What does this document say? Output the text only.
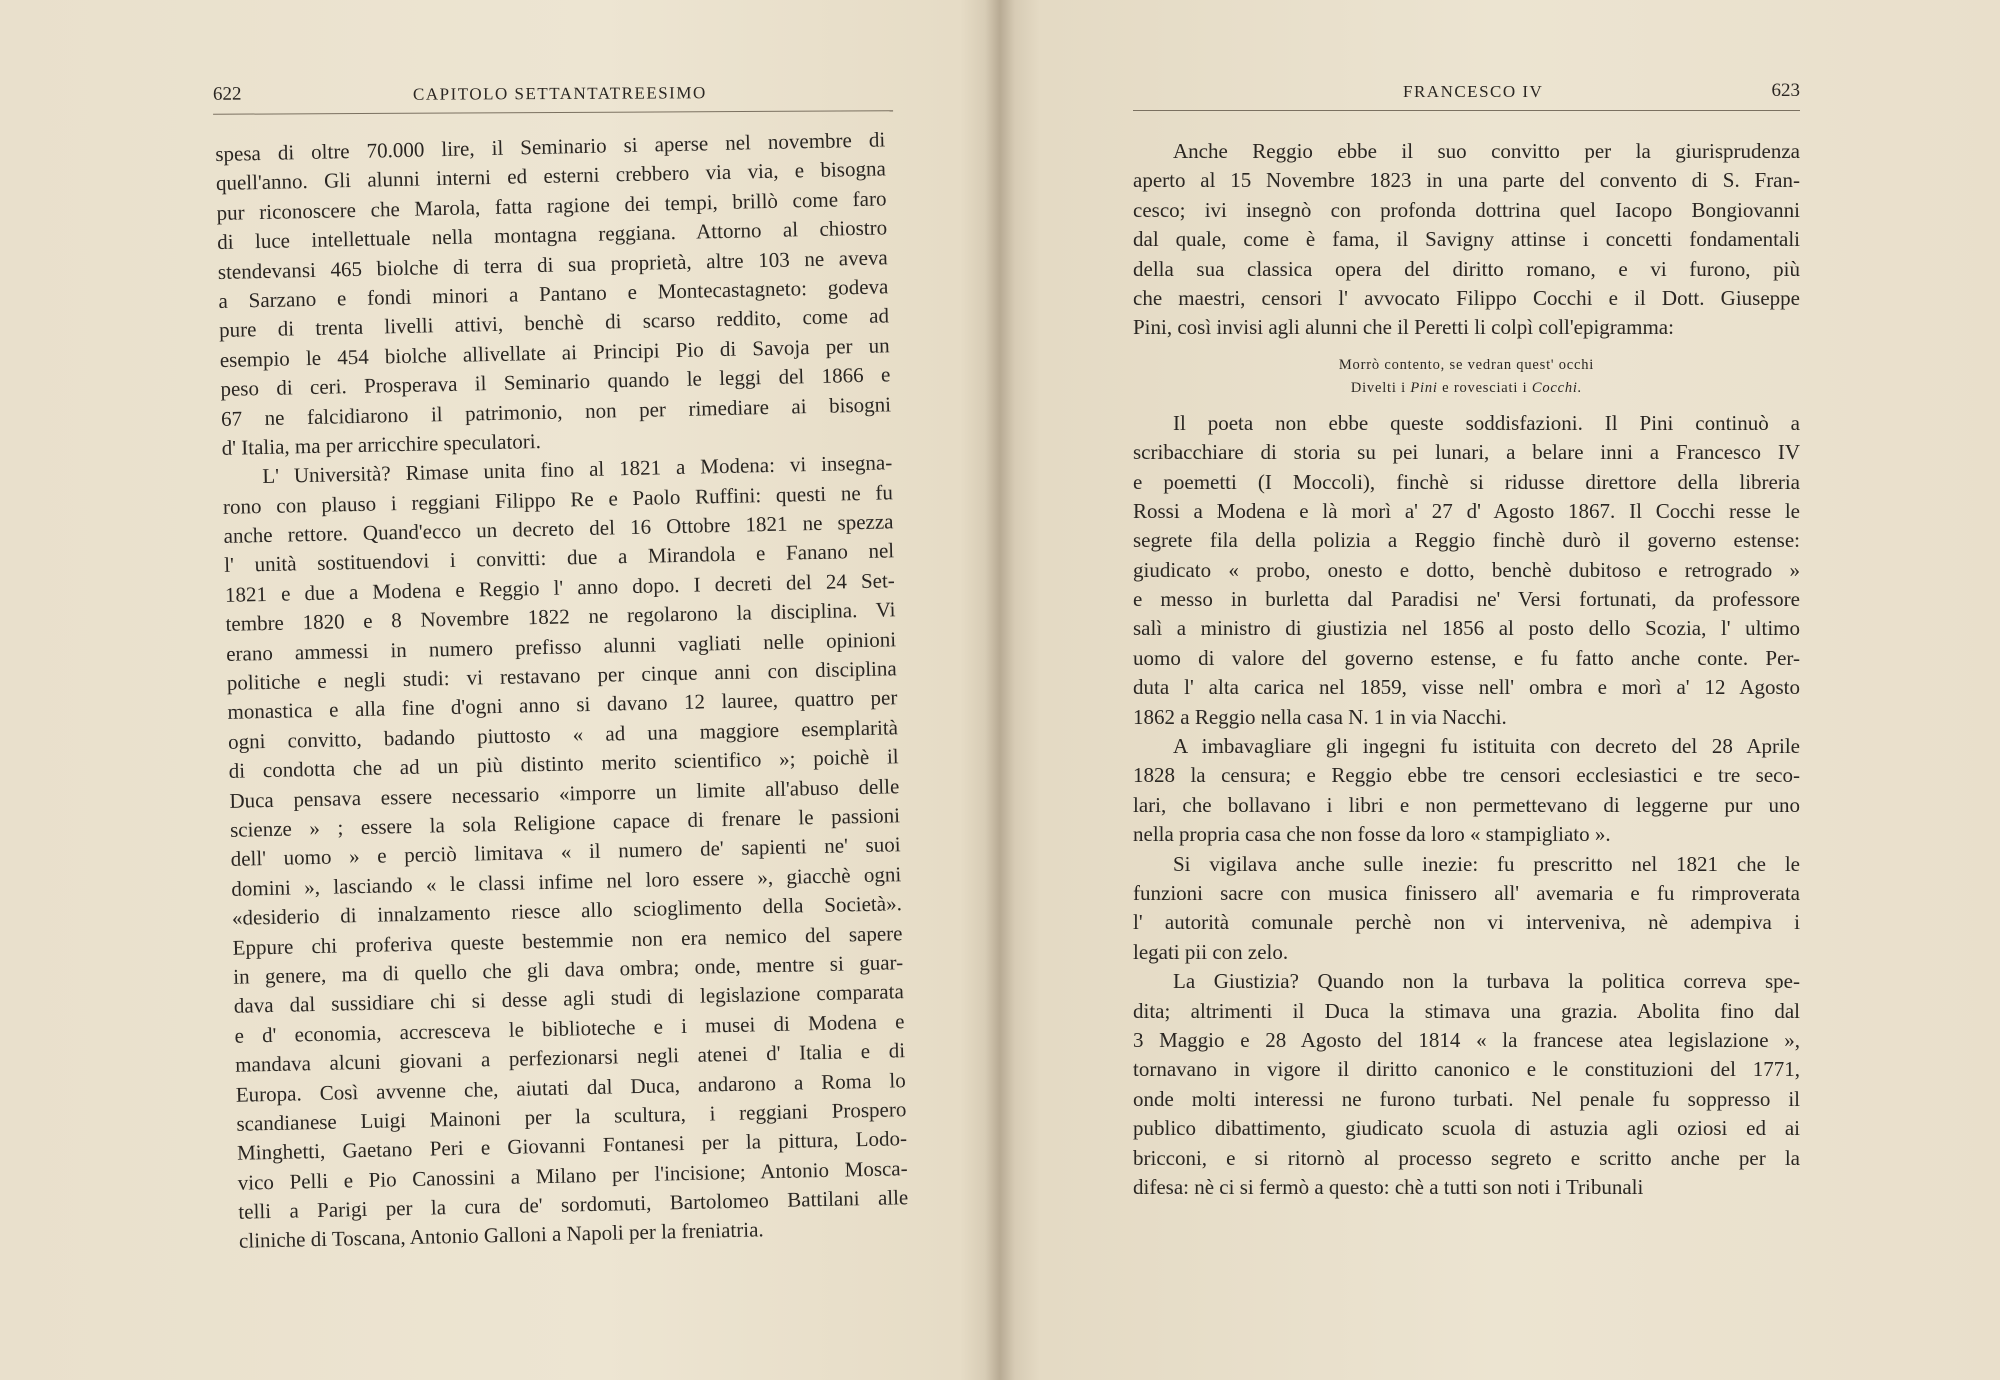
622	CAPITOLO SETTANTATREESIMO
spesa di oltre 70.000 lire, il Seminario si aperse nel novembre di
quell'anno. Gli alunni interni ed esterni crebbero via via, e bisogna
pur riconoscere che Marola, fatta ragione dei tempi, brillò come faro
di luce intellettuale nella montagna reggiana. Attorno al chiostro
stendevansi 465 biolche di terra di sua proprietà, altre 103 ne aveva
a Sarzano e fondi minori a Pantano e Montecastagneto: godeva
pure di trenta livelli attivi, benchè di scarso reddito, come ad
esempio le 454 biolche allivellate ai Principi Pio di Savoja per un
peso di ceri. Prosperava il Seminario quando le leggi del 1866 e
67 ne falcidiarono il patrimonio, non per rimediare ai bisogni
d' Italia, ma per arricchire speculatori.
L' Università? Rimase unita fino al 1821 a Modena: vi insegna-
rono con plauso i reggiani Filippo Re e Paolo Ruffini: questi ne fu
anche rettore. Quand'ecco un decreto del 16 Ottobre 1821 ne spezza
l' unità sostituendovi i convitti: due a Mirandola e Fanano nel
1821 e due a Modena e Reggio l' anno dopo. I decreti del 24 Set-
tembre 1820 e 8 Novembre 1822 ne regolarono la disciplina. Vi
erano ammessi in numero prefisso alunni vagliati nelle opinioni
politiche e negli studi: vi restavano per cinque anni con disciplina
monastica e alla fine d'ogni anno si davano 12 lauree, quattro per
ogni convitto, badando piuttosto « ad una maggiore esemplarità
di condotta che ad un più distinto merito scientifico »; poichè il
Duca pensava essere necessario «imporre un limite all'abuso delle
scienze » ; essere la sola Religione capace di frenare le passioni
dell' uomo » e perciò limitava « il numero de' sapienti ne' suoi
domini », lasciando « le classi infime nel loro essere », giacchè ogni
«desiderio di innalzamento riesce allo scioglimento della Società».
Eppure chi proferiva queste bestemmie non era nemico del sapere
in genere, ma di quello che gli dava ombra; onde, mentre si guar-
dava dal sussidiare chi si desse agli studi di legislazione comparata
e d' economia, accresceva le biblioteche e i musei di Modena e
mandava alcuni giovani a perfezionarsi negli atenei d' Italia e di
Europa. Così avvenne che, aiutati dal Duca, andarono a Roma lo
scandianese Luigi Mainoni per la scultura, i reggiani Prospero
Minghetti, Gaetano Peri e Giovanni Fontanesi per la pittura, Lodo-
vico Pelli e Pio Canossini a Milano per l'incisione; Antonio Mosca-
telli a Parigi per la cura de' sordomuti, Bartolomeo Battilani alle
cliniche di Toscana, Antonio Galloni a Napoli per la freniatria.
FRANCESCO IV	623
Anche Reggio ebbe il suo convitto per la giurisprudenza
aperto al 15 Novembre 1823 in una parte del convento di S. Fran-
cesco; ivi insegnò con profonda dottrina quel Iacopo Bongiovanni
dal quale, come è fama, il Savigny attinse i concetti fondamentali
della sua classica opera del diritto romano, e vi furono, più
che maestri, censori l' avvocato Filippo Cocchi e il Dott. Giuseppe
Pini, così invisi agli alunni che il Peretti li colpì coll'epigramma:
Morrò contento, se vedran quest' occhi
Divelti i Pini e rovesciati i Cocchi.
Il poeta non ebbe queste soddisfazioni. Il Pini continuò a
scribacchiare di storia su pei lunari, a belare inni a Francesco IV
e poemetti (I Moccoli), finchè si ridusse direttore della libreria
Rossi a Modena e là morì a' 27 d' Agosto 1867. Il Cocchi resse le
segrete fila della polizia a Reggio finchè durò il governo estense:
giudicato « probo, onesto e dotto, benchè dubitoso e retrogrado »
e messo in burletta dal Paradisi ne' Versi fortunati, da professore
salì a ministro di giustizia nel 1856 al posto dello Scozia, l' ultimo
uomo di valore del governo estense, e fu fatto anche conte. Per-
duta l' alta carica nel 1859, visse nell' ombra e morì a' 12 Agosto
1862 a Reggio nella casa N. 1 in via Nacchi.
A imbavagliare gli ingegni fu istituita con decreto del 28 Aprile
1828 la censura; e Reggio ebbe tre censori ecclesiastici e tre seco-
lari, che bollavano i libri e non permettevano di leggerne pur uno
nella propria casa che non fosse da loro « stampigliato ».
Si vigilava anche sulle inezie: fu prescritto nel 1821 che le
funzioni sacre con musica finissero all' avemaria e fu rimproverata
l' autorità comunale perchè non vi interveniva, nè adempiva i
legati pii con zelo.
La Giustizia? Quando non la turbava la politica correva spe-
dita; altrimenti il Duca la stimava una grazia. Abolita fino dal
3 Maggio e 28 Agosto del 1814 « la francese atea legislazione »,
tornavano in vigore il diritto canonico e le constituzioni del 1771,
onde molti interessi ne furono turbati. Nel penale fu soppresso il
publico dibattimento, giudicato scuola di astuzia agli oziosi ed ai
bricconi, e si ritornò al processo segreto e scritto anche per la
difesa: nè ci si fermò a questo: chè a tutti son noti i Tribunali
